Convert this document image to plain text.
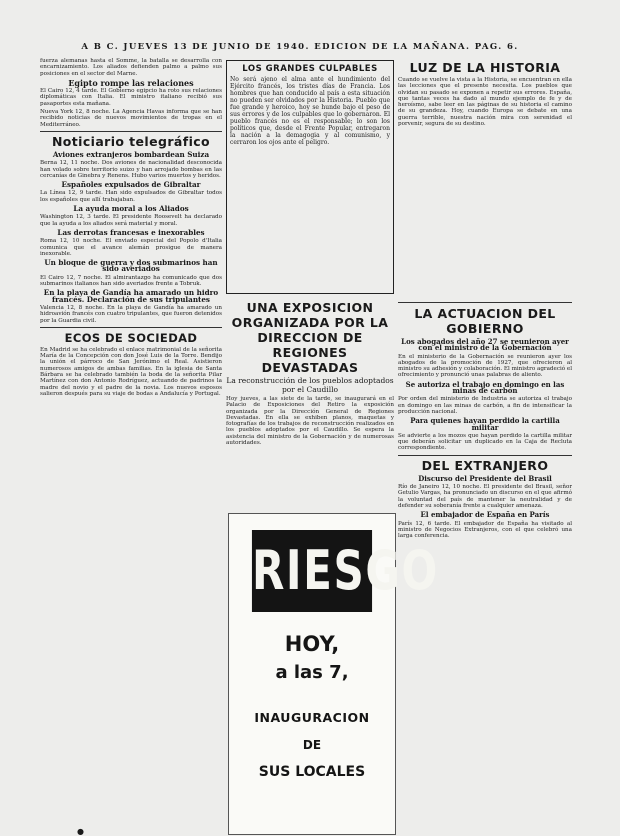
A B C. JUEVES 13 DE JUNIO DE 1940. EDICION DE LA MAÑANA. PAG. 6.

fuerza alemanas hasta el Somme, la batalla se desarrolla con encarnizamiento. Los aliados defienden palmo a palmo sus posiciones en el sector del Marne.

Egipto rompe las relaciones

El Cairo 12, 4 tarde. El Gobierno egipcio ha roto sus relaciones diplomáticas con Italia. El ministro italiano recibió sus pasaportes esta mañana.

Nueva York 12, 8 noche. La Agencia Havas informa que se han recibido noticias de nuevos movimientos de tropas en el Mediterráneo.

Noticiario telegráfico

Aviones extranjeros bombardean Suiza

Berna 12, 11 noche. Dos aviones de nacionalidad desconocida han volado sobre territorio suizo y han arrojado bombas en las cercanías de Ginebra y Renens. Hubo varios muertos y heridos.

Españoles expulsados de Gibraltar

La Línea 12, 9 tarde. Han sido expulsados de Gibraltar todos los españoles que allí trabajaban.

La ayuda moral a los Aliados

Washington 12, 3 tarde. El presidente Roosevelt ha declarado que la ayuda a los aliados será material y moral.

Las derrotas francesas e inexorables

Roma 12, 10 noche. El enviado especial del Popolo d'Italia comunica que el avance alemán prosigue de manera inexorable.

Un bloque de guerra y dos submarinos han sido averiados

El Cairo 12, 7 noche. El almirantazgo ha comunicado que dos submarinos italianos han sido averiados frente a Tobruk.

En la playa de Gandía ha amarado un hidro francés. Declaración de sus tripulantes

Valencia 12, 8 noche. En la playa de Gandía ha amarado un hidroavión francés con cuatro tripulantes, que fueron detenidos por la Guardia civil.

ECOS DE SOCIEDAD

En Madrid se ha celebrado el enlace matrimonial de la señorita María de la Concepción con don José Luis de la Torre. Bendijo la unión el párroco de San Jerónimo el Real. Asistieron numerosos amigos de ambas familias. En la iglesia de Santa Bárbara se ha celebrado también la boda de la señorita Pilar Martínez con don Antonio Rodríguez, actuando de padrinos la madre del novio y el padre de la novia. Los nuevos esposos salieron después para su viaje de bodas a Andalucía y Portugal.

LOS GRANDES CULPABLES

No será ajeno el alma ante el hundimiento del Ejército francés, los tristes días de Francia. Los hombres que han conducido al país a esta situación no pueden ser olvidados por la Historia. Pueblo que fue grande y heroico, hoy se hunde bajo el peso de sus errores y de los culpables que lo gobernaron. El pueblo francés no es el responsable; lo son los políticos que, desde el Frente Popular, entregaron la nación a la demagogia y al comunismo, y cerraron los ojos ante el peligro.

UNA EXPOSICION ORGANIZADA POR LA DIRECCION DE REGIONES DEVASTADAS
La reconstrucción de los pueblos adoptados por el Caudillo

Hoy jueves, a las siete de la tarde, se inaugurará en el Palacio de Exposiciones del Retiro la exposición organizada por la Dirección General de Regiones Devastadas. En ella se exhiben planos, maquetas y fotografías de los trabajos de reconstrucción realizados en los pueblos adoptados por el Caudillo. Se espera la asistencia del ministro de la Gobernación y de numerosas autoridades.

RIESGO
HOY,
a las 7,
INAUGURACION
DE
SUS LOCALES
LUZ DE LA HISTORIA

Cuando se vuelve la vista a la Historia, se encuentran en ella las lecciones que el presente necesita. Los pueblos que olvidan su pasado se exponen a repetir sus errores. España, que tantas veces ha dado al mundo ejemplo de fe y de heroísmo, sabe leer en las páginas de su historia el camino de su grandeza. Hoy, cuando Europa se debate en una guerra terrible, nuestra nación mira con serenidad el porvenir, segura de su destino.

LA ACTUACION DEL GOBIERNO

Los abogados del año 27 se reunieron ayer con el ministro de la Gobernación

En el ministerio de la Gobernación se reunieron ayer los abogados de la promoción de 1927, que ofrecieron al ministro su adhesión y colaboración. El ministro agradeció el ofrecimiento y pronunció unas palabras de aliento.

Se autoriza el trabajo en domingo en las minas de carbón

Por orden del ministerio de Industria se autoriza el trabajo en domingo en las minas de carbón, a fin de intensificar la producción nacional.

Para quienes hayan perdido la cartilla militar

Se advierte a los mozos que hayan perdido la cartilla militar que deberán solicitar un duplicado en la Caja de Recluta correspondiente.

DEL EXTRANJERO

Discurso del Presidente del Brasil

Río de Janeiro 12, 10 noche. El presidente del Brasil, señor Getulio Vargas, ha pronunciado un discurso en el que afirmó la voluntad del país de mantener la neutralidad y de defender su soberanía frente a cualquier amenaza.

El embajador de España en París

París 12, 6 tarde. El embajador de España ha visitado al ministro de Negocios Extranjeros, con el que celebró una larga conferencia.

●
